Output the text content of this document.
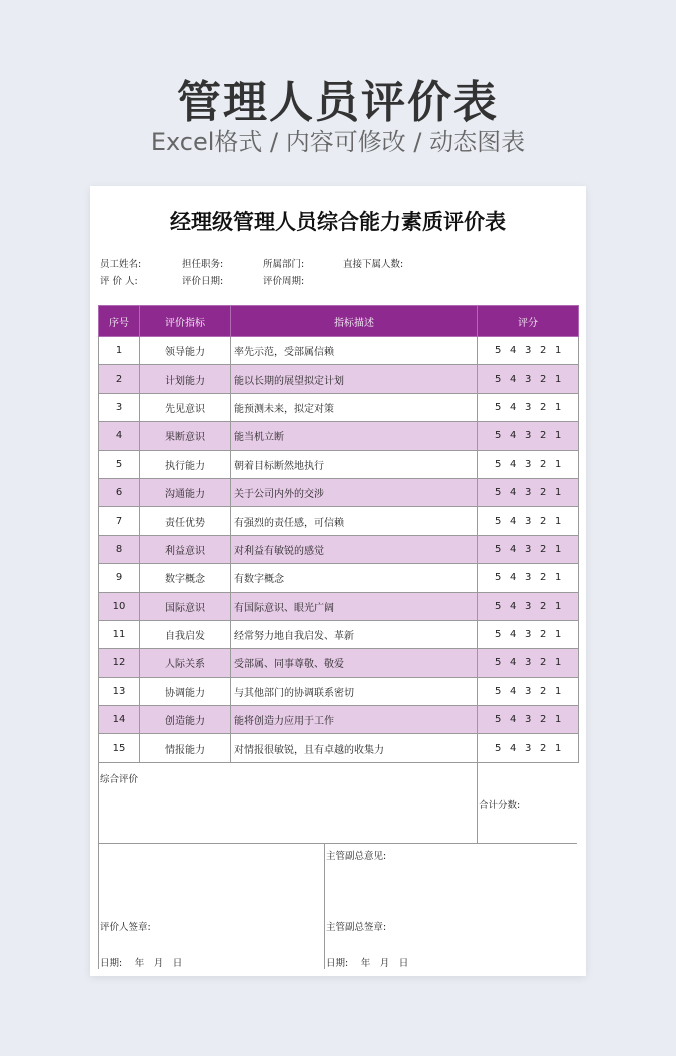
管理人员评价表
Excel格式 / 内容可修改 / 动态图表
经理级管理人员综合能力素质评价表
员工姓名:	担任职务:	所属部门:	直接下属人数:
评 价 人:	评价日期:	评价周期:
序号	评价指标	指标描述	评分
1	领导能力	率先示范，受部属信赖	5 4 3 2 1
2	计划能力	能以长期的展望拟定计划	5 4 3 2 1
3	先见意识	能预测未来，拟定对策	5 4 3 2 1
4	果断意识	能当机立断	5 4 3 2 1
5	执行能力	朝着目标断然地执行	5 4 3 2 1
6	沟通能力	关于公司内外的交涉	5 4 3 2 1
7	责任优势	有强烈的责任感，可信赖	5 4 3 2 1
8	利益意识	对利益有敏锐的感觉	5 4 3 2 1
9	数字概念	有数字概念	5 4 3 2 1
10	国际意识	有国际意识、眼光广阔	5 4 3 2 1
11	自我启发	经常努力地自我启发、革新	5 4 3 2 1
12	人际关系	受部属、同事尊敬、敬爱	5 4 3 2 1
13	协调能力	与其他部门的协调联系密切	5 4 3 2 1
14	创造能力	能将创造力应用于工作	5 4 3 2 1
15	情报能力	对情报很敏锐，且有卓越的收集力	5 4 3 2 1
综合评价
合计分数:
主管副总意见:
评价人签章:	主管副总签章:
日期:　 年　月　日	日期:　 年　月　日
